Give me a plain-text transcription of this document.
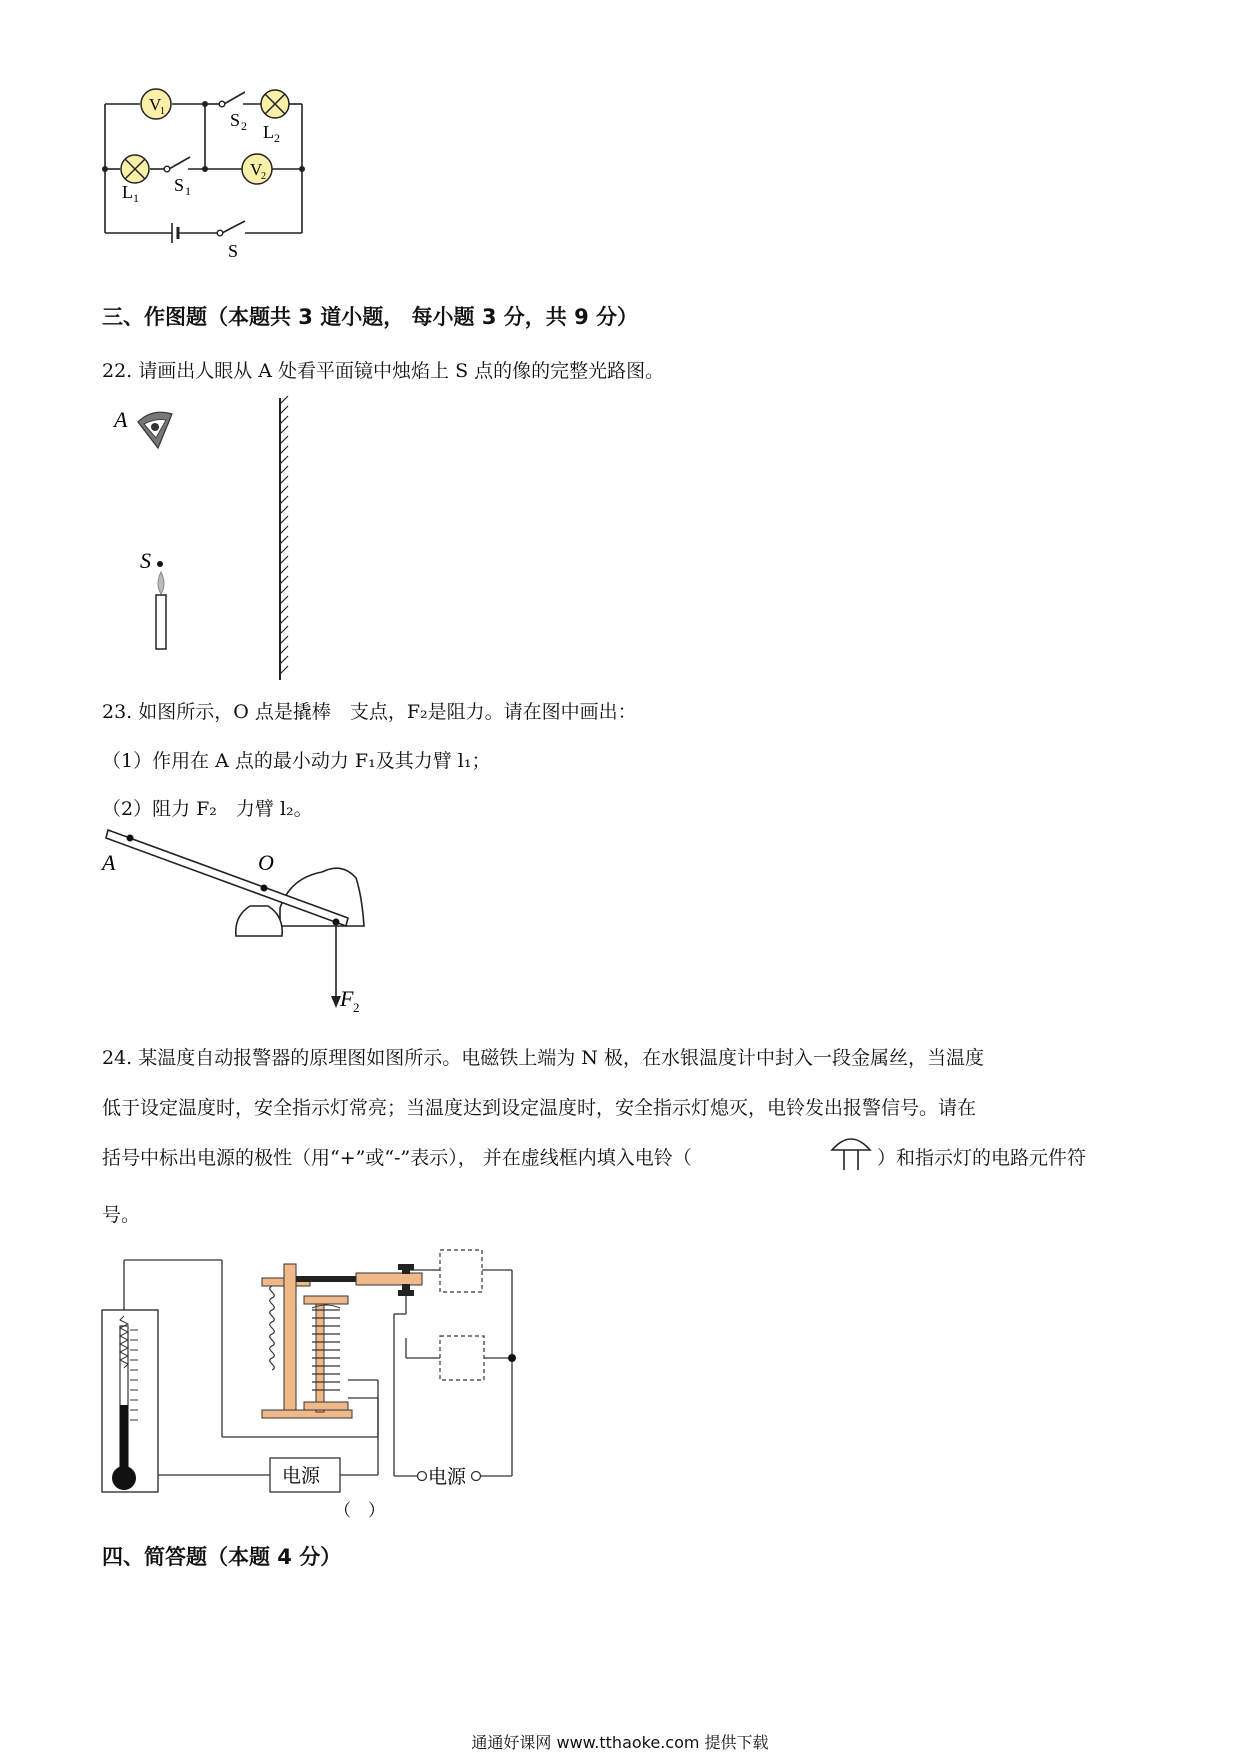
V
1
V
2
S 2 L 2
L 1
S 1
S
三、作图题（本题共 3 道小题， 每小题 3 分，共 9 分）
22. 请画出人眼从 A 处看平面镜中烛焰上 S 点的像的完整光路图。
A
S
23. 如图所示，O 点是撬棒　支点，F₂是阻力。请在图中画出：
（1）作用在 A 点的最小动力 F₁及其力臂 l₁；
（2）阻力 F₂　力臂 l₂。
A	O
F 2
24. 某温度自动报警器的原理图如图所示。电磁铁上端为 N 极，在水银温度计中封入一段金属丝，当温度
低于设定温度时，安全指示灯常亮；当温度达到设定温度时，安全指示灯熄灭，电铃发出报警信号。请在
括号中标出电源的极性（用“+”或“-”表示）， 并在虚线框内填入电铃（	）和指示灯的电路元件符
号。
电源	电源
（　）
四、简答题（本题 4 分）
通通好课网 www.tthaoke.com 提供下载
